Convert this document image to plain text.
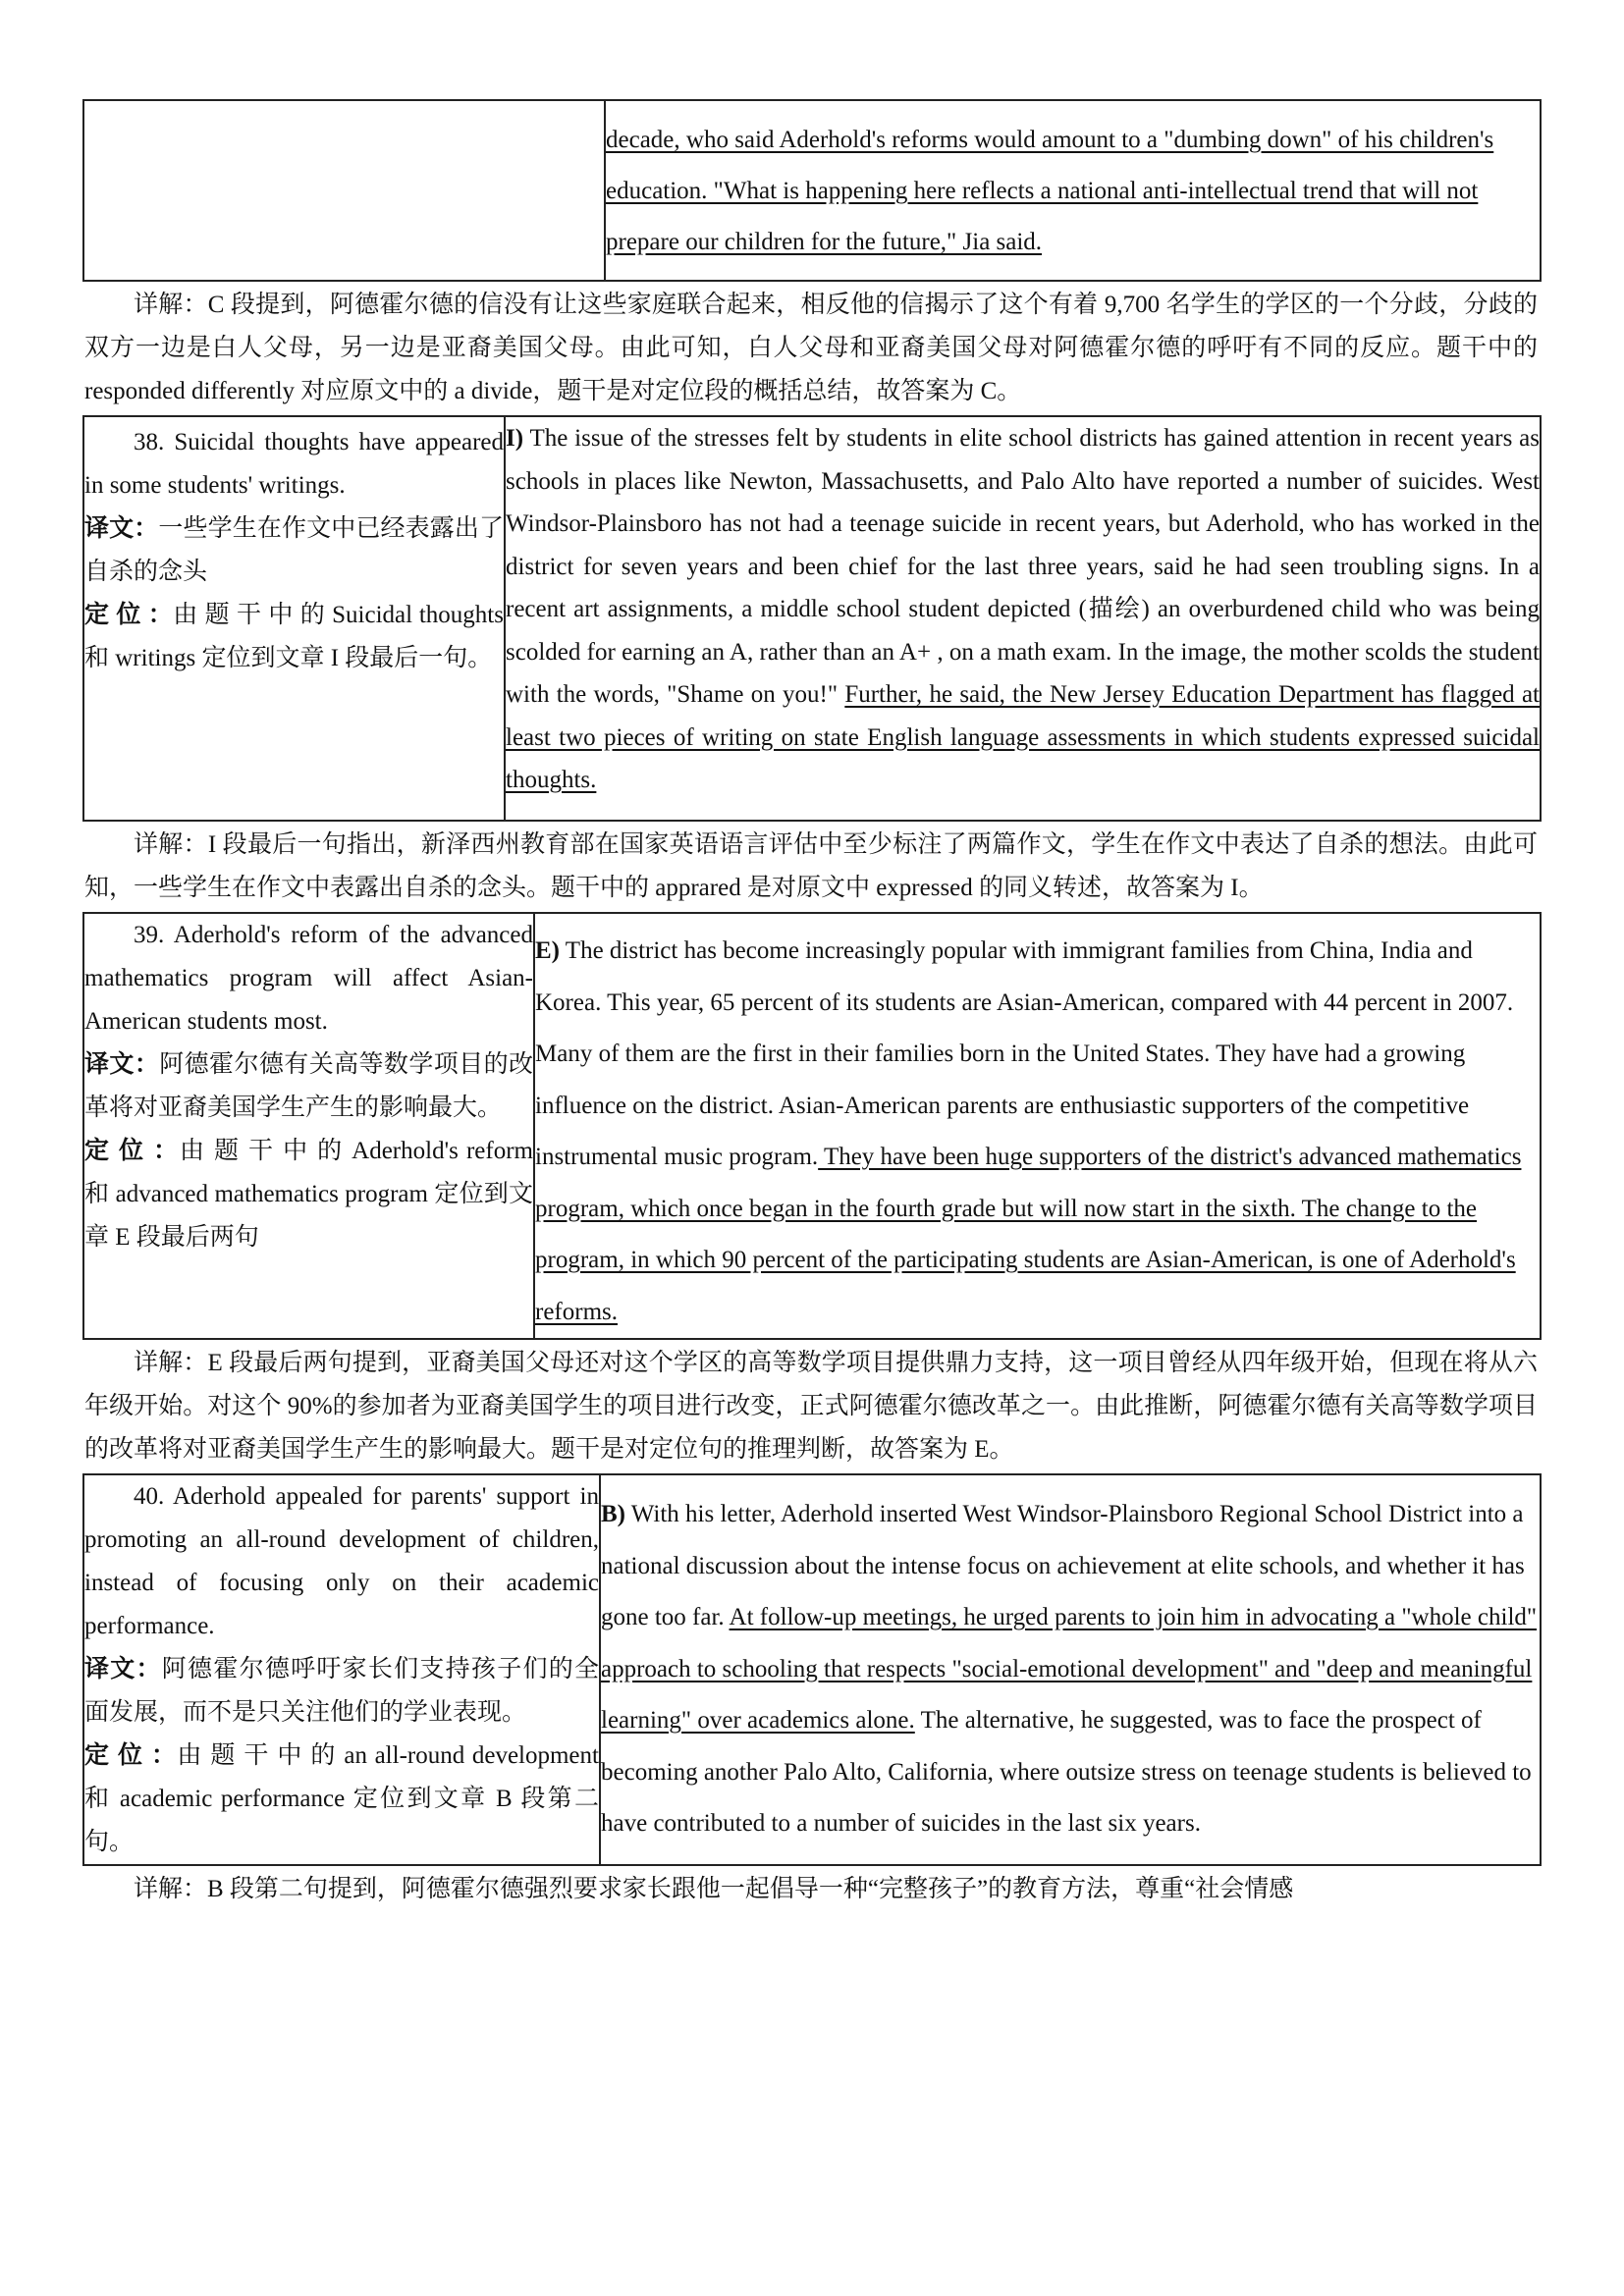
	decade, who said Aderhold's reforms would amount to a "dumbing down" of his children's education. "What is happening here reflects a national anti-intellectual trend that will not prepare our children for the future," Jia said.

详解：C 段提到，阿德霍尔德的信没有让这些家庭联合起来，相反他的信揭示了这个有着 9,700 名学生的学区的一个分歧，分歧的双方一边是白人父母，另一边是亚裔美国父母。由此可知，白人父母和亚裔美国父母对阿德霍尔德的呼吁有不同的反应。题干中的 responded differently 对应原文中的 a divide，题干是对定位段的概括总结，故答案为 C。

38. Suicidal thoughts have appeared in some students' writings.
译文：一些学生在作文中已经表露出了自杀的念头
定 位 ：由 题 干 中 的 Suicidal thoughts 和 writings 定位到文章 I 段最后一句。
	I) The issue of the stresses felt by students in elite school districts has gained attention in recent years as schools in places like Newton, Massachusetts, and Palo Alto have reported a number of suicides. West Windsor-Plainsboro has not had a teenage suicide in recent years, but Aderhold, who has worked in the district for seven years and been chief for the last three years, said he had seen troubling signs. In a recent art assignments, a middle school student depicted (描绘) an overburdened child who was being scolded for earning an A, rather than an A+ , on a math exam. In the image, the mother scolds the student with the words, "Shame on you!" Further, he said, the New Jersey Education Department has flagged at least two pieces of writing on state English language assessments in which students expressed suicidal thoughts.

详解：I 段最后一句指出，新泽西州教育部在国家英语语言评估中至少标注了两篇作文，学生在作文中表达了自杀的想法。由此可知，一些学生在作文中表露出自杀的念头。题干中的 apprared 是对原文中 expressed 的同义转述，故答案为 I。

39. Aderhold's reform of the advanced mathematics program will affect Asian-American students most.
译文：阿德霍尔德有关高等数学项目的改革将对亚裔美国学生产生的影响最大。
定 位 ：由 题 干 中 的 Aderhold's reform 和 advanced mathematics program 定位到文章 E 段最后两句
	E) The district has become increasingly popular with immigrant families from China, India and Korea. This year, 65 percent of its students are Asian-American, compared with 44 percent in 2007. Many of them are the first in their families born in the United States. They have had a growing influence on the district. Asian-American parents are enthusiastic supporters of the competitive instrumental music program. They have been huge supporters of the district's advanced mathematics program, which once began in the fourth grade but will now start in the sixth. The change to the program, in which 90 percent of the participating students are Asian-American, is one of Aderhold's reforms.

详解：E 段最后两句提到，亚裔美国父母还对这个学区的高等数学项目提供鼎力支持，这一项目曾经从四年级开始，但现在将从六年级开始。对这个 90%的参加者为亚裔美国学生的项目进行改变，正式阿德霍尔德改革之一。由此推断，阿德霍尔德有关高等数学项目的改革将对亚裔美国学生产生的影响最大。题干是对定位句的推理判断，故答案为 E。

40. Aderhold appealed for parents' support in promoting an all-round development of children, instead of focusing only on their academic performance.
译文：阿德霍尔德呼吁家长们支持孩子们的全面发展，而不是只关注他们的学业表现。
定 位 ：由 题 干 中 的 an all-round development 和 academic performance 定位到文章 B 段第二句。
	B) With his letter, Aderhold inserted West Windsor-Plainsboro Regional School District into a national discussion about the intense focus on achievement at elite schools, and whether it has gone too far. At follow-up meetings, he urged parents to join him in advocating a "whole child" approach to schooling that respects "social-emotional development" and "deep and meaningful learning" over academics alone. The alternative, he suggested, was to face the prospect of becoming another Palo Alto, California, where outsize stress on teenage students is believed to have contributed to a number of suicides in the last six years.

详解：B 段第二句提到，阿德霍尔德强烈要求家长跟他一起倡导一种“完整孩子”的教育方法，尊重“社会情感
